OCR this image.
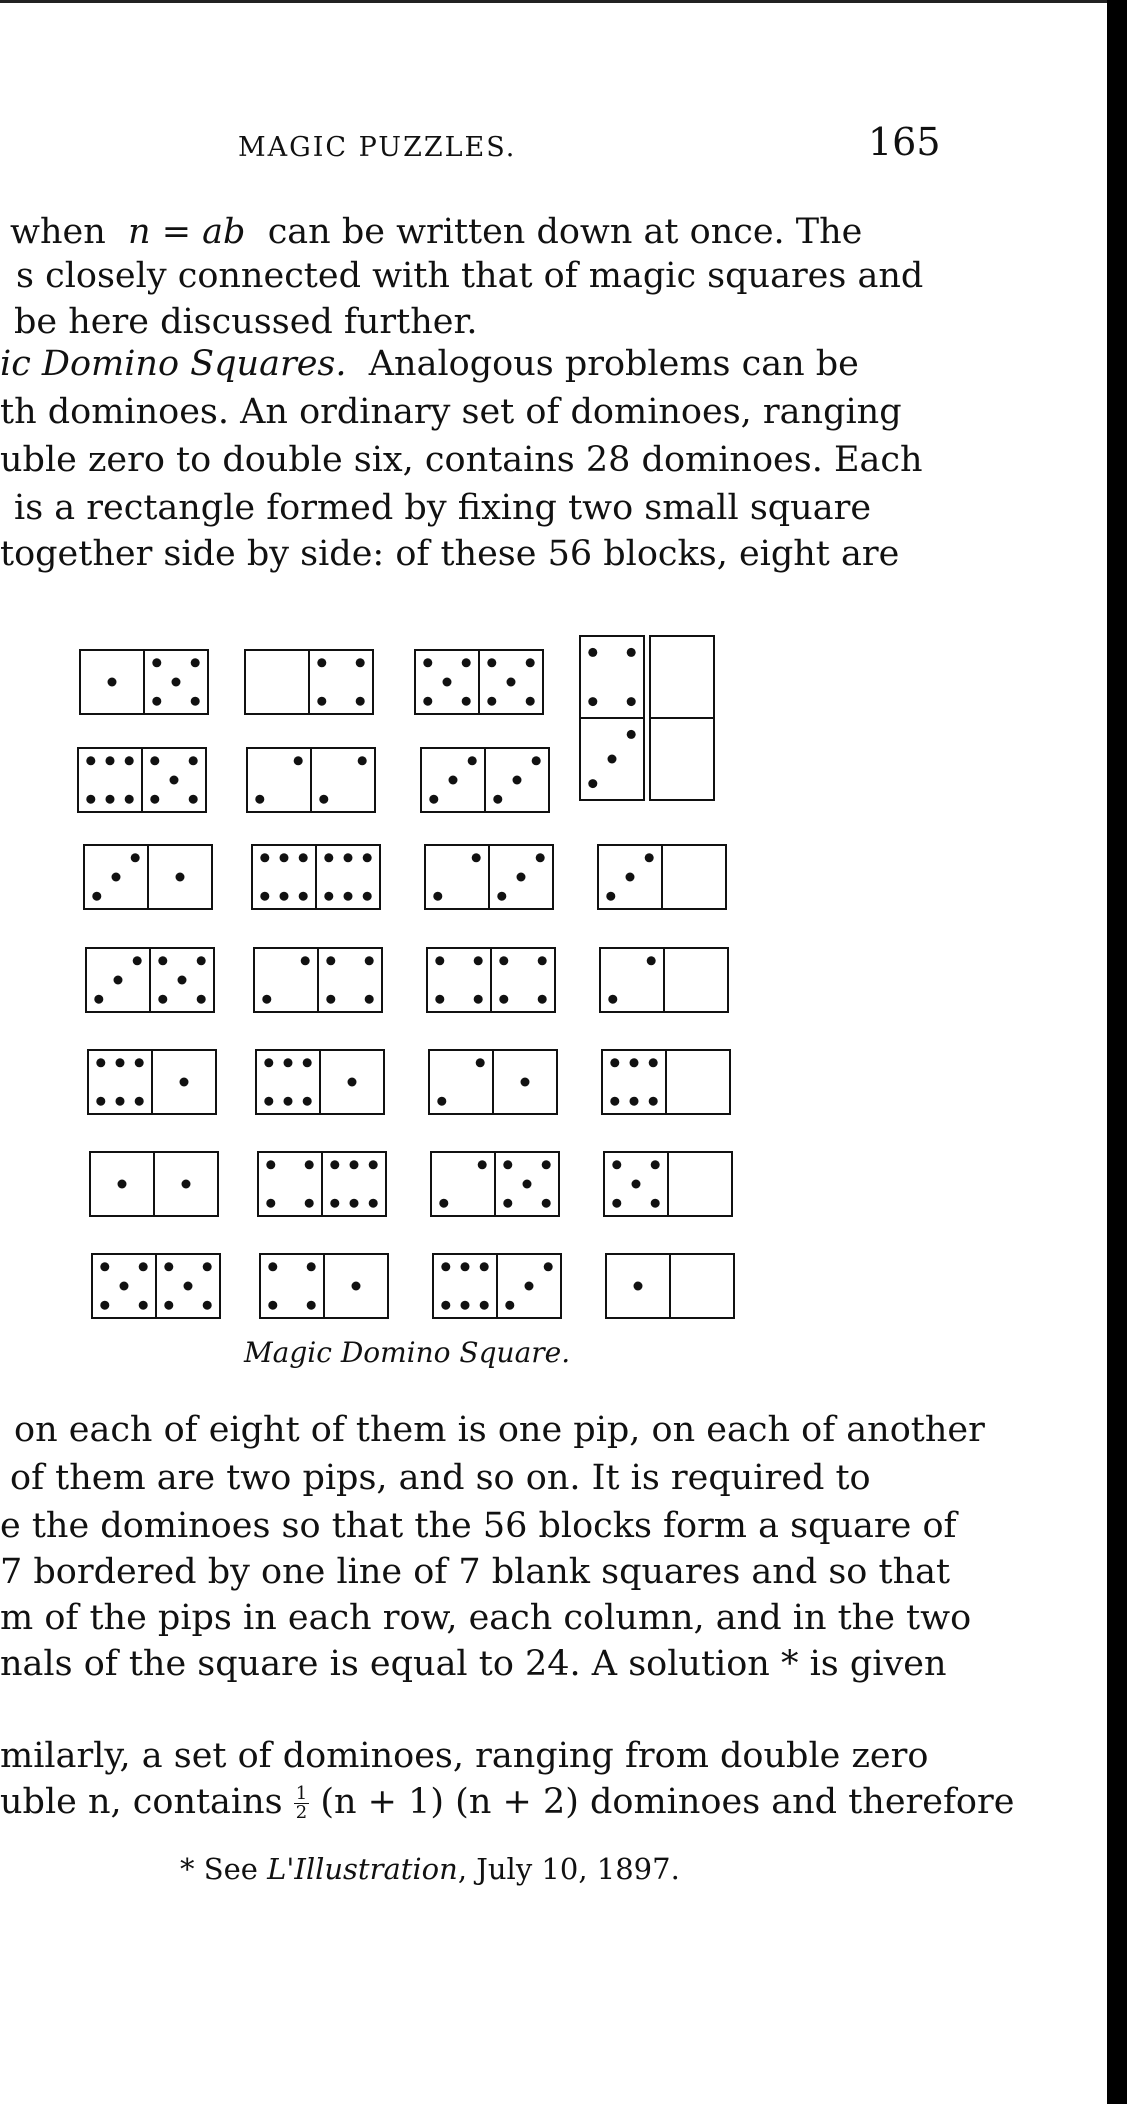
MAGIC PUZZLES.	165
when n = ab can be written down at once. The
s closely connected with that of magic squares and
be here discussed further.
ic Domino Squares. Analogous problems can be
th dominoes. An ordinary set of dominoes, ranging
uble zero to double six, contains 28 dominoes. Each
is a rectangle formed by fixing two small square
together side by side: of these 56 blocks, eight are
Magic Domino Square.
on each of eight of them is one pip, on each of another
of them are two pips, and so on. It is required to
e the dominoes so that the 56 blocks form a square of
7 bordered by one line of 7 blank squares and so that
m of the pips in each row, each column, and in the two
nals of the square is equal to 24. A solution * is given
milarly, a set of dominoes, ranging from double zero
uble n, contains $\frac{1}{2} (n + 1) (n + 2)$ dominoes and therefore
* See L'Illustration, July 10, 1897.
